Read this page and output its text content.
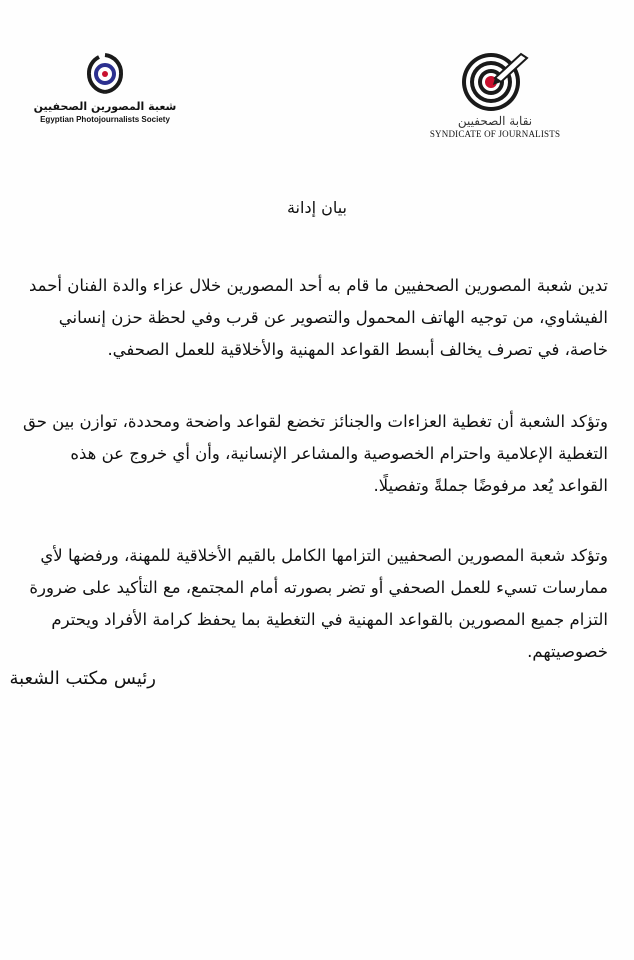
شعبة المصورين الصحفيين
Egyptian Photojournalists Society	نقابة الصحفيين
SYNDICATE OF JOURNALISTS
بيان إدانة
تدين شعبة المصورين الصحفيين ما قام به أحد المصورين خلال عزاء والدة الفنان أحمد الفيشاوي، من توجيه الهاتف المحمول والتصوير عن قرب وفي لحظة حزن إنساني خاصة، في تصرف يخالف أبسط القواعد المهنية والأخلاقية للعمل الصحفي.
وتؤكد الشعبة أن تغطية العزاءات والجنائز تخضع لقواعد واضحة ومحددة، توازن بين حق التغطية الإعلامية واحترام الخصوصية والمشاعر الإنسانية، وأن أي خروج عن هذه القواعد يُعد مرفوضًا جملةً وتفصيلًا.
وتؤكد شعبة المصورين الصحفيين التزامها الكامل بالقيم الأخلاقية للمهنة، ورفضها لأي ممارسات تسيء للعمل الصحفي أو تضر بصورته أمام المجتمع، مع التأكيد على ضرورة التزام جميع المصورين بالقواعد المهنية في التغطية بما يحفظ كرامة الأفراد ويحترم خصوصيتهم.
رئيس مكتب الشعبة
